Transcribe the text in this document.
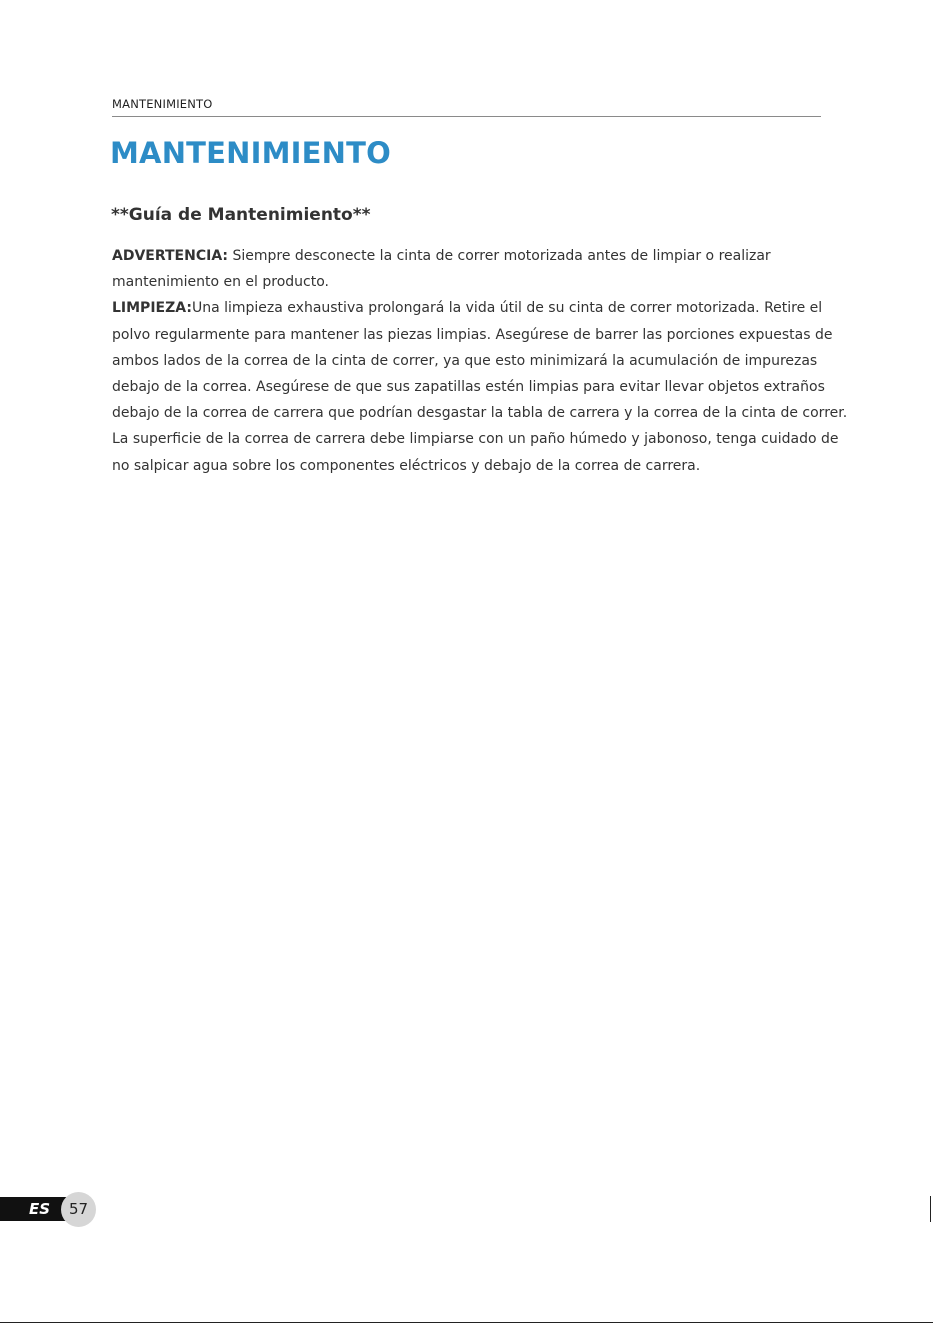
MANTENIMIENTO
MANTENIMIENTO
**Guía de Mantenimiento**

ADVERTENCIA: Siempre desconecte la cinta de correr motorizada antes de limpiar o realizar mantenimiento en el producto.

LIMPIEZA:Una limpieza exhaustiva prolongará la vida útil de su cinta de correr motorizada. Retire el polvo regularmente para mantener las piezas limpias. Asegúrese de barrer las porciones expuestas de ambos lados de la correa de la cinta de correr, ya que esto minimizará la acumulación de impurezas debajo de la correa. Asegúrese de que sus zapatillas estén limpias para evitar llevar objetos extraños debajo de la correa de carrera que podrían desgastar la tabla de carrera y la correa de la cinta de correr. La superficie de la correa de carrera debe limpiarse con un paño húmedo y jabonoso, tenga cuidado de no salpicar agua sobre los componentes eléctricos y debajo de la correa de carrera.

ES	57
